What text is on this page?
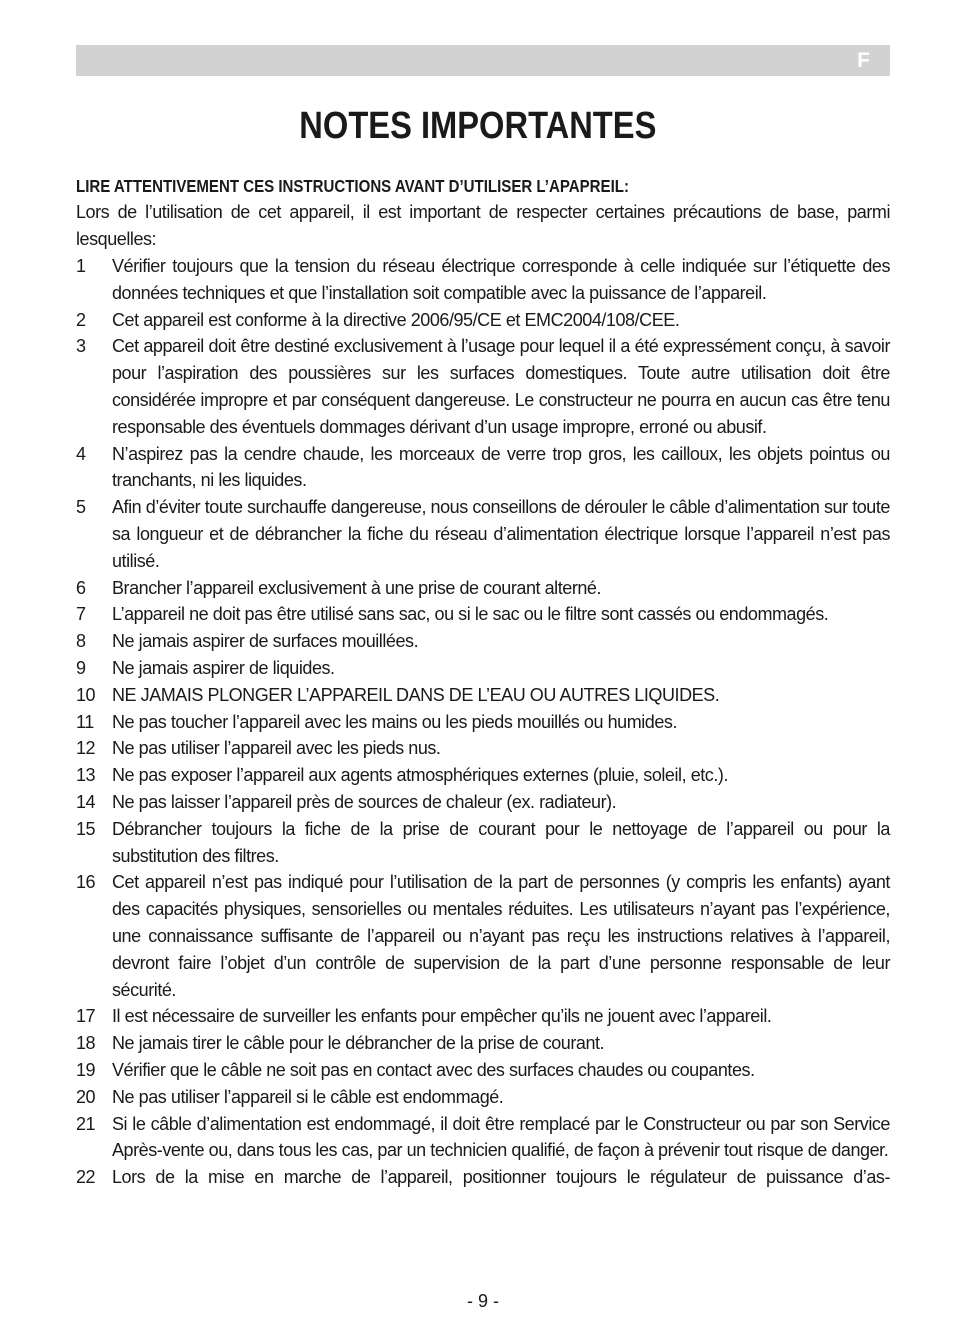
F
NOTES IMPORTANTES
LIRE ATTENTIVEMENT CES INSTRUCTIONS AVANT D’UTILISER L’APAPREIL:
Lors de l’utilisation de cet appareil, il est important de respecter certaines précautions de base, parmi lesquelles:
1	Vérifier toujours que la tension du réseau électrique corresponde à celle indiquée sur l’étiquette des données techniques et que l’installation soit compatible avec la puissance de l’appareil.
2	Cet appareil est conforme à la directive 2006/95/CE et EMC2004/108/CEE.
3	Cet appareil doit être destiné exclusivement à l’usage pour lequel il a été expressément conçu, à savoir pour l’aspiration des poussières sur les surfaces domestiques. Toute autre utilisation doit être considérée impropre et par conséquent dangereuse. Le constructeur ne pourra en aucun cas être tenu responsable des éventuels dommages dérivant d’un usage impropre, erroné ou abusif.
4	N’aspirez pas la cendre chaude, les morceaux de verre trop gros, les cailloux, les objets pointus ou tranchants, ni les liquides.
5	Afin d’éviter toute surchauffe dangereuse, nous conseillons de dérouler le câble d’alimentation sur toute sa longueur et de débrancher la fiche du réseau d’alimentation électrique lorsque l’appareil n’est pas utilisé.
6	Brancher l’appareil exclusivement à une prise de courant alterné.
7	L’appareil ne doit pas être utilisé sans sac, ou si le sac ou le filtre sont cassés ou endommagés.
8	Ne jamais aspirer de surfaces mouillées.
9	Ne jamais aspirer de liquides.
10 NE JAMAIS PLONGER L’APPAREIL DANS DE L’EAU OU AUTRES LIQUIDES.
11	Ne pas toucher l’appareil avec les mains ou les pieds mouillés ou humides.
12 Ne pas utiliser l’appareil avec les pieds nus.
13 Ne pas exposer l’appareil aux agents atmosphériques externes (pluie, soleil, etc.).
14 Ne pas laisser l’appareil près de sources de chaleur (ex. radiateur).
15 Débrancher toujours la fiche de la prise de courant pour le nettoyage de l’appareil ou pour la substitution des filtres.
16 Cet appareil n’est pas indiqué pour l’utilisation de la part de personnes (y compris les enfants) ayant des capacités physiques, sensorielles ou mentales réduites. Les utilisateurs n’ayant pas l’expérience, une connaissance suffisante de l’appareil ou n’ayant pas reçu les instructions relatives à l’appareil, devront faire l’objet d’un contrôle de supervision de la part d’une personne responsable de leur sécurité.
17 Il est nécessaire de surveiller les enfants pour empêcher qu’ils ne jouent avec l’appareil.
18 Ne jamais tirer le câble pour le débrancher de la prise de courant.
19 Vérifier que le câble ne soit pas en contact avec des surfaces chaudes ou coupantes.
20 Ne pas utiliser l’appareil si le câble est endommagé.
21 Si le câble d’alimentation est endommagé, il doit être remplacé par le Constructeur ou par son Service Après-vente ou, dans tous les cas, par un technicien qualifié, de façon à prévenir tout risque de danger.
22 Lors de la mise en marche de l’appareil, positionner toujours le régulateur de puissance d’as-
- 9 -
